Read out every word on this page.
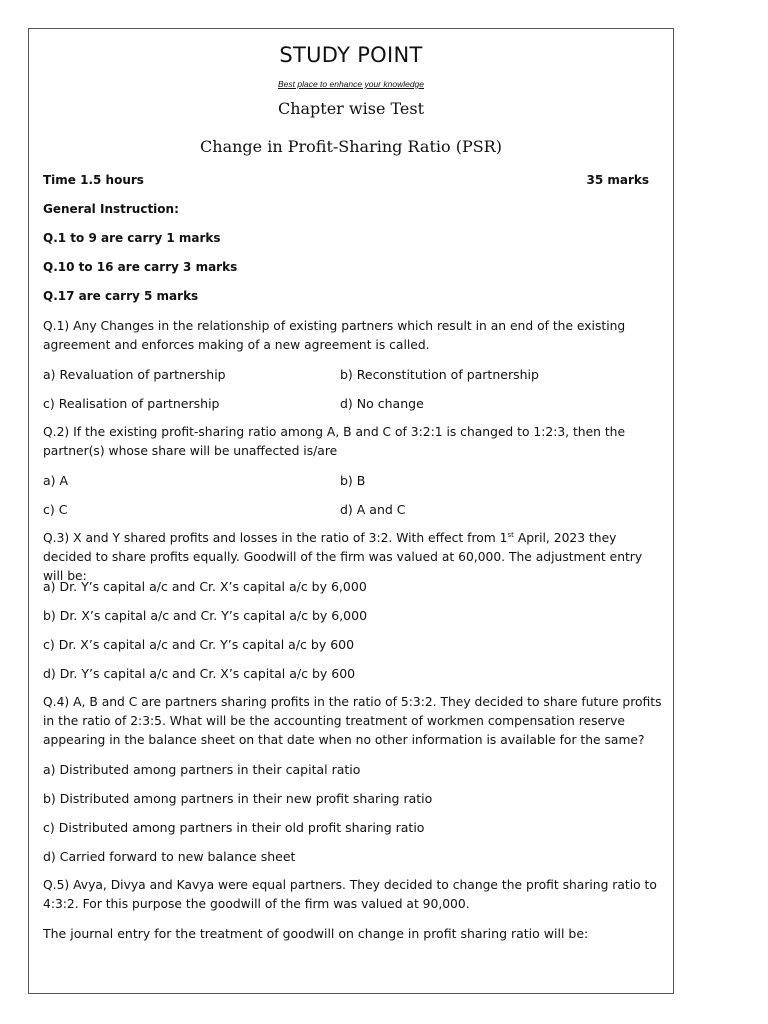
STUDY POINT
Best place to enhance your knowledge
Chapter wise Test
Change in Profit-Sharing Ratio (PSR)
Time 1.5 hours	35 marks
General Instruction:
Q.1 to 9 are carry 1 marks
Q.10 to 16 are carry 3 marks
Q.17 are carry 5 marks
Q.1) Any Changes in the relationship of existing partners which result in an end of the existing agreement and enforces making of a new agreement is called.
a) Revaluation of partnership	b) Reconstitution of partnership
c) Realisation of partnership	d) No change
Q.2) If the existing profit-sharing ratio among A, B and C of 3:2:1 is changed to 1:2:3, then the partner(s) whose share will be unaffected is/are
a) A	b) B
c) C	d) A and C
Q.3) X and Y shared profits and losses in the ratio of 3:2. With effect from 1st April, 2023 they decided to share profits equally. Goodwill of the firm was valued at 60,000. The adjustment entry will be:
a) Dr. Y’s capital a/c and Cr. X’s capital a/c by 6,000
b) Dr. X’s capital a/c and Cr. Y’s capital a/c by 6,000
c) Dr. X’s capital a/c and Cr. Y’s capital a/c by 600
d) Dr. Y’s capital a/c and Cr. X’s capital a/c by 600
Q.4) A, B and C are partners sharing profits in the ratio of 5:3:2. They decided to share future profits in the ratio of 2:3:5. What will be the accounting treatment of workmen compensation reserve appearing in the balance sheet on that date when no other information is available for the same?
a) Distributed among partners in their capital ratio
b) Distributed among partners in their new profit sharing ratio
c) Distributed among partners in their old profit sharing ratio
d) Carried forward to new balance sheet
Q.5) Avya, Divya and Kavya were equal partners. They decided to change the profit sharing ratio to 4:3:2. For this purpose the goodwill of the firm was valued at 90,000.
The journal entry for the treatment of goodwill on change in profit sharing ratio will be:
